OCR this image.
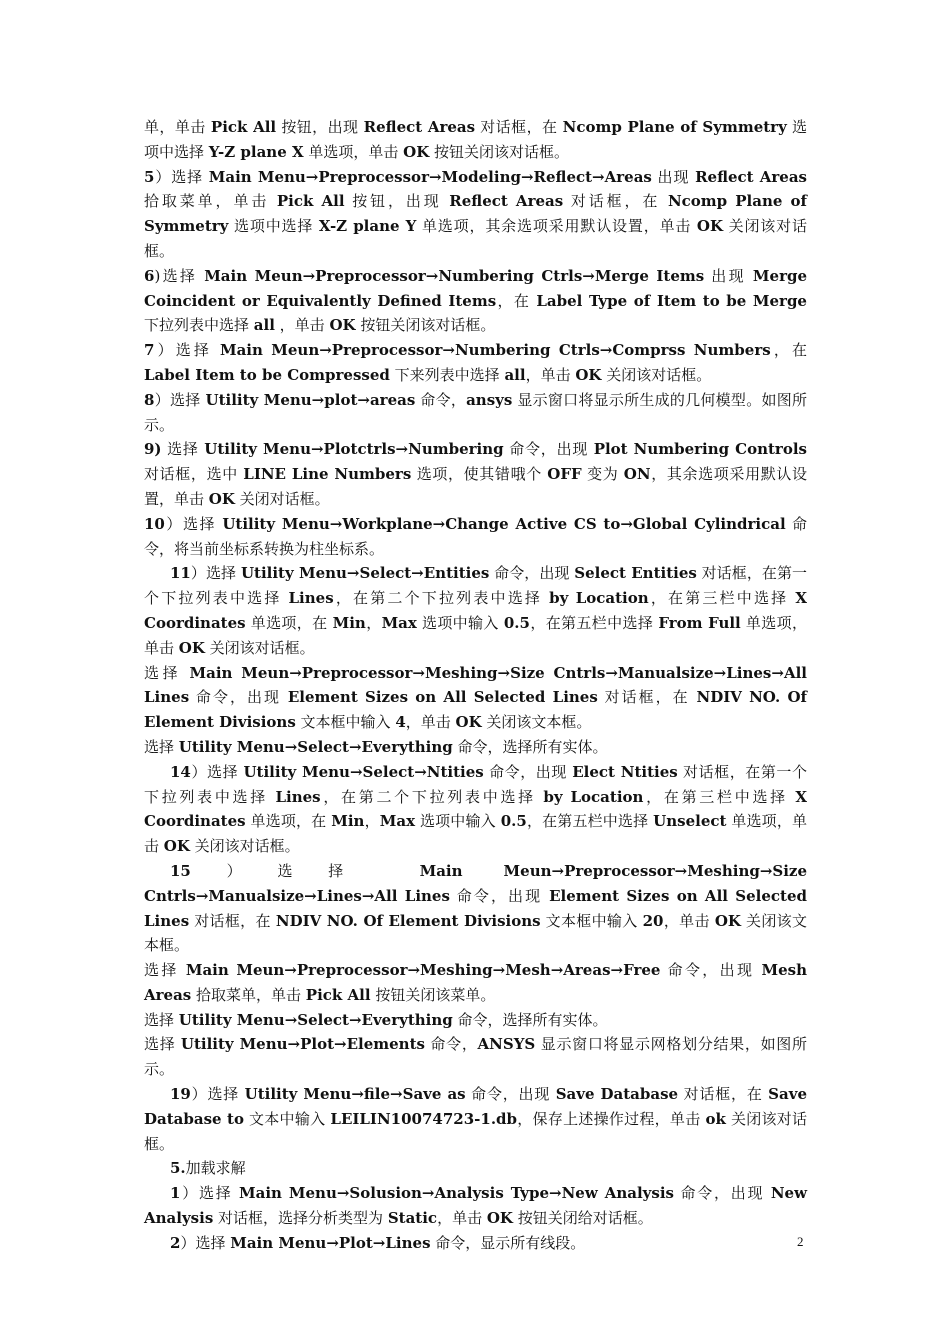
单，单击 Pick All 按钮，出现 Reflect Areas 对话框，在 Ncomp Plane of Symmetry 选项中选择 Y-Z plane X 单选项，单击 OK 按钮关闭该对话框。

5）选择 Main Menu→Preprocessor→Modeling→Reflect→Areas 出现 Reflect Areas 拾取菜单，单击 Pick All 按钮，出现 Reflect Areas 对话框，在 Ncomp Plane of Symmetry 选项中选择 X-Z plane Y 单选项，其余选项采用默认设置，单击 OK 关闭该对话框。

6)选择 Main Meun→Preprocessor→Numbering Ctrls→Merge Items 出现 Merge Coincident or Equivalently Defined Items，在 Label Type of Item to be Merge 下拉列表中选择 all ，单击 OK 按钮关闭该对话框。

7）选择 Main Meun→Preprocessor→Numbering Ctrls→Comprss Numbers，在 Label Item to be Compressed 下来列表中选择 all，单击 OK 关闭该对话框。

8）选择 Utility Menu→plot→areas 命令，ansys 显示窗口将显示所生成的几何模型。如图所示。

9) 选择 Utility Menu→Plotctrls→Numbering 命令，出现 Plot Numbering Controls 对话框，选中 LINE Line Numbers 选项，使其错哦个 OFF 变为 ON，其余选项采用默认设置，单击 OK 关闭对话框。

10）选择 Utility Menu→Workplane→Change Active CS to→Global Cylindrical 命令，将当前坐标系转换为柱坐标系。

11）选择 Utility Menu→Select→Entities 命令，出现 Select Entities 对话框，在第一个下拉列表中选择 Lines，在第二个下拉列表中选择 by Location，在第三栏中选择 X Coordinates 单选项，在 Min，Max 选项中输入 0.5，在第五栏中选择 From Full 单选项，单击 OK 关闭该对话框。

选择 Main Meun→Preprocessor→Meshing→Size Cntrls→Manualsize→Lines→All Lines 命令，出现 Element Sizes on All Selected Lines 对话框，在 NDIV NO. Of Element Divisions 文本框中输入 4，单击 OK 关闭该文本框。

选择 Utility Menu→Select→Everything 命令，选择所有实体。

14）选择 Utility Menu→Select→Ntities 命令，出现 Elect Ntities 对话框，在第一个下拉列表中选择 Lines，在第二个下拉列表中选择 by Location，在第三栏中选择 X Coordinates 单选项，在 Min，Max 选项中输入 0.5，在第五栏中选择 Unselect 单选项，单击 OK 关闭该对话框。

15）选择 Main Meun→Preprocessor→Meshing→Size Cntrls→Manualsize→Lines→All Lines 命令，出现 Element Sizes on All Selected Lines 对话框，在 NDIV NO. Of Element Divisions 文本框中输入 20，单击 OK 关闭该文本框。

选择 Main Meun→Preprocessor→Meshing→Mesh→Areas→Free 命令，出现 Mesh Areas 拾取菜单，单击 Pick All 按钮关闭该菜单。

选择 Utility Menu→Select→Everything 命令，选择所有实体。

选择 Utility Menu→Plot→Elements 命令，ANSYS 显示窗口将显示网格划分结果，如图所示。

19）选择 Utility Menu→file→Save as 命令，出现 Save Database 对话框，在 Save Database to 文本中输入 LEILIN10074723-1.db，保存上述操作过程，单击 ok 关闭该对话框。

5.加载求解

1）选择 Main Menu→Solusion→Analysis Type→New Analysis 命令，出现 New Analysis 对话框，选择分析类型为 Static，单击 OK 按钮关闭给对话框。

2）选择 Main Menu→Plot→Lines 命令，显示所有线段。	2
